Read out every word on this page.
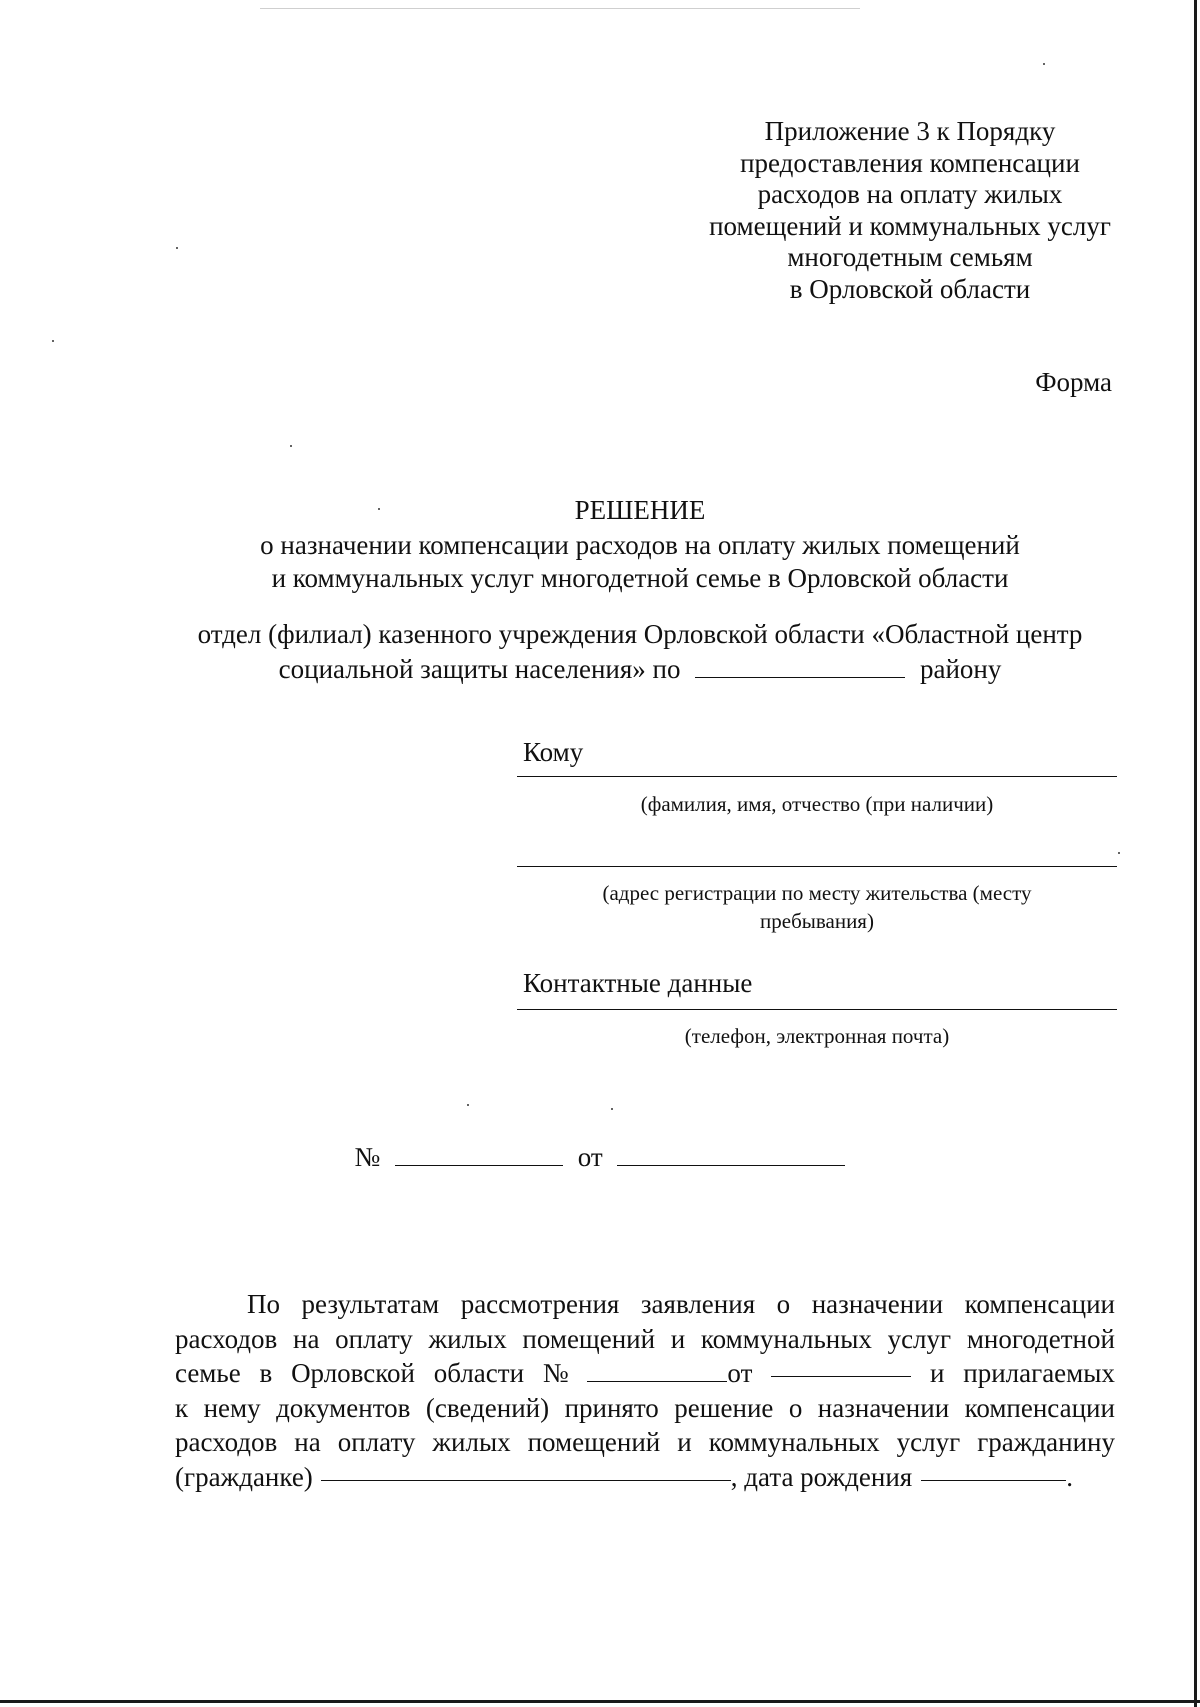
Приложение 3 к Порядку
предоставления компенсации
расходов на оплату жилых
помещений и коммунальных услуг
многодетным семьям
в Орловской области
Форма
РЕШЕНИЕ
о назначении компенсации расходов на оплату жилых помещений
и коммунальных услуг многодетной семье в Орловской области
отдел (филиал) казенного учреждения Орловской области «Областной центр
социальной защиты населения» по	району
Кому
(фамилия, имя, отчество (при наличии)
(адрес регистрации по месту жительства (месту
пребывания)
Контактные данные
(телефон, электронная почта)
№	от
По результатам рассмотрения заявления о назначении компенсации
расходов на оплату жилых помещений и коммунальных услуг многодетной
семье в Орловской области №	от	и прилагаемых
к нему документов (сведений) принято решение о назначении компенсации
расходов на оплату жилых помещений и коммунальных услуг гражданину
(гражданке)	, дата рождения	.
